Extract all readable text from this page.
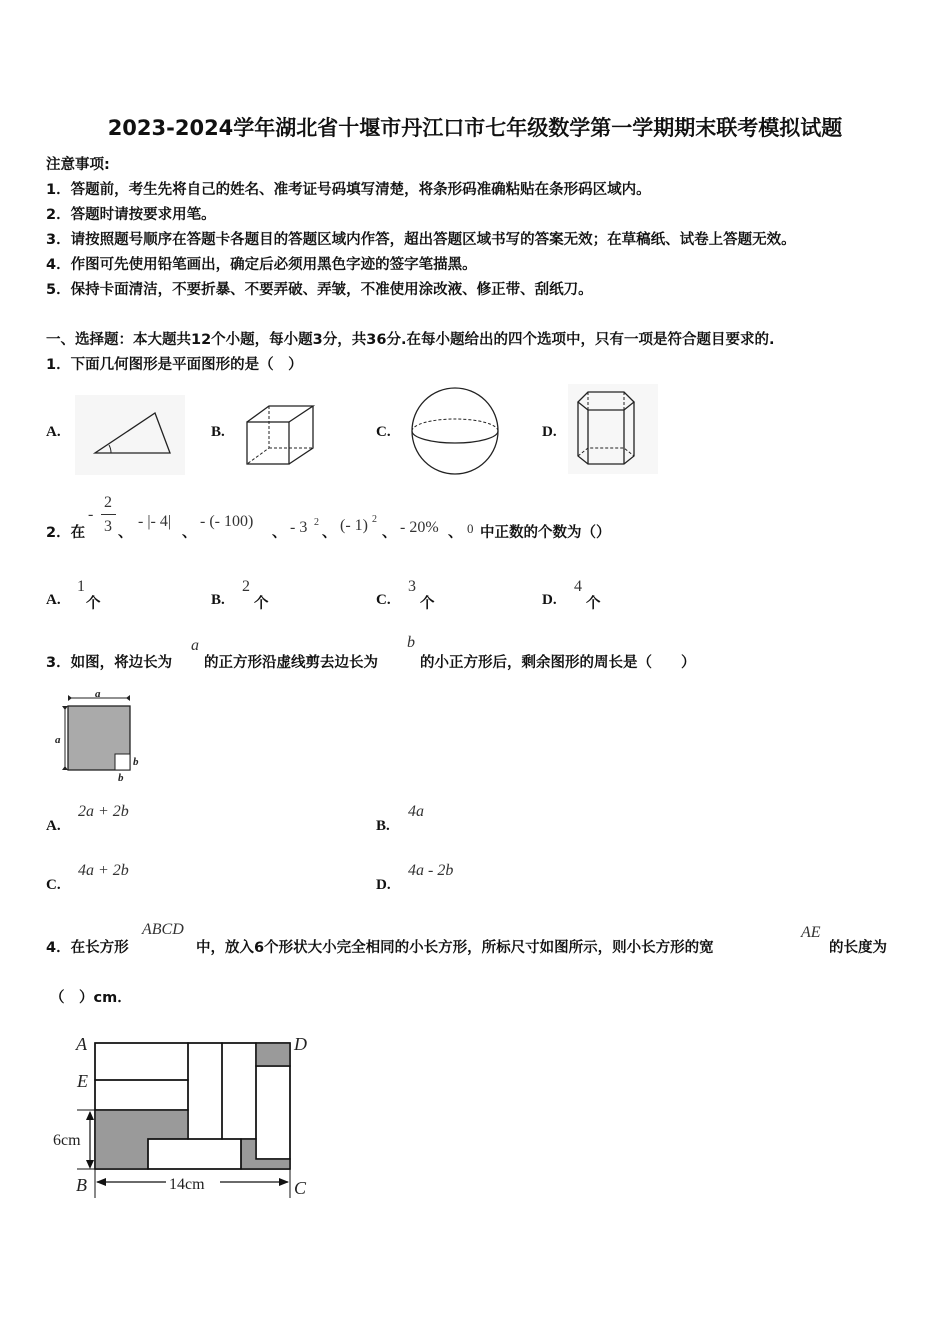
2023-2024学年湖北省十堰市丹江口市七年级数学第一学期期末联考模拟试题
注意事项:
1．答题前，考生先将自己的姓名、准考证号码填写清楚，将条形码准确粘贴在条形码区域内。
2．答题时请按要求用笔。
3．请按照题号顺序在答题卡各题目的答题区域内作答，超出答题区域书写的答案无效；在草稿纸、试卷上答题无效。
4．作图可先使用铅笔画出，确定后必须用黑色字迹的签字笔描黑。
5．保持卡面清洁，不要折暴、不要弄破、弄皱，不准使用涂改液、修正带、刮纸刀。
一、选择题：本大题共12个小题，每小题3分，共36分.在每小题给出的四个选项中，只有一项是符合题目要求的.
1．下面几何图形是平面图形的是（　）
A.	B.	C.	D.
2．在
-
2
3 、
- |- 4|
、
- (- 100)
、 - 3 2
、 (- 1) 2
、 - 20% 、 0 中正数的个数为（）
A.
1
个	B.
2
个	C.
3
个	D.
4
个
3．如图，将边长为
a
的正方形沿虚线剪去边长为
b
的小正方形后，剩余图形的周长是（　　）
a
a
b
b
A.
2a + 2b
B.
4a
C.
4a + 2b
D.
4a - 2b
4．在长方形
ABCD
中，放入6个形状大小完全相同的小长方形，所标尺寸如图所示，则小长方形的宽
AE
的长度为
（　）cm．
14cm
6cm
A
E
B
D
C
